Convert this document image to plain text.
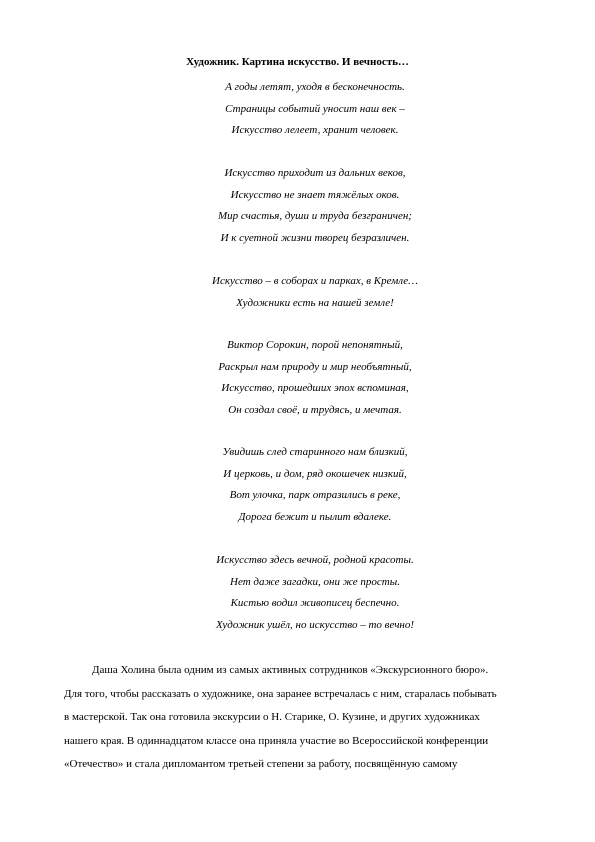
Художник. Картина искусство. И вечность…
А годы летят, уходя в бесконечность.
Страницы событий уносит наш век –
Искусство лелеет, хранит человек.
Искусство приходит из дальних веков,
Искусство не знает тяжёлых оков.
Мир счастья, души и труда безграничен;
И к суетной жизни творец безразличен.
Искусство – в соборах и парках, в Кремле…
Художники есть на нашей земле!
Виктор Сорокин, порой непонятный,
Раскрыл нам природу и мир необъятный,
Искусство, прошедших эпох вспоминая,
Он создал своё, и трудясь, и мечтая.
Увидишь след старинного нам близкий,
И церковь, и дом, ряд окошечек низкий,
Вот улочка, парк отразились в реке,
Дорога бежит и пылит вдалеке.
Искусство здесь вечной, родной красоты.
Нет даже загадки, они же просты.
Кистью водил живописец беспечно.
Художник ушёл, но искусство – то вечно!
Даша Холина была одним из самых активных сотрудников «Экскурсионного бюро».
Для того, чтобы рассказать о художнике, она заранее встречалась с ним, старалась побывать
в мастерской. Так она готовила экскурсии о Н. Старике, О. Кузине, и других художниках
нашего края. В одиннадцатом классе она приняла участие во Всероссийской конференции
«Отечество» и стала дипломантом третьей степени за работу, посвящённую самому
